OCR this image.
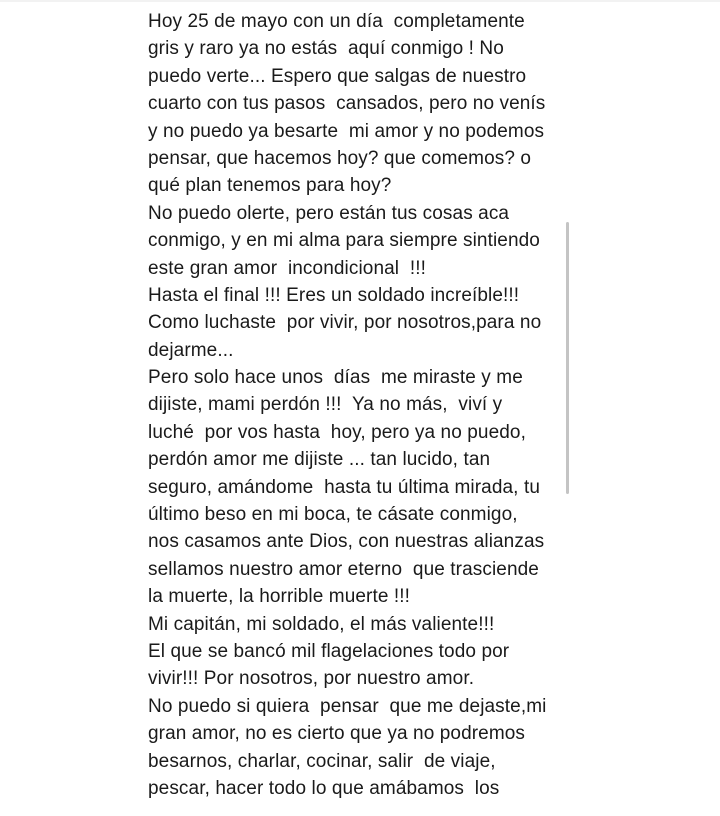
Hoy 25 de mayo con un día  completamente
gris y raro ya no estás  aquí conmigo ! No
puedo verte... Espero que salgas de nuestro
cuarto con tus pasos  cansados, pero no venís
y no puedo ya besarte  mi amor y no podemos
pensar, que hacemos hoy? que comemos? o
qué plan tenemos para hoy?
No puedo olerte, pero están tus cosas aca
conmigo, y en mi alma para siempre sintiendo
este gran amor  incondicional  !!!
Hasta el final !!! Eres un soldado increíble!!!
Como luchaste  por vivir, por nosotros,para no
dejarme...
Pero solo hace unos  días  me miraste y me
dijiste, mami perdón !!!  Ya no más,  viví y
luché  por vos hasta  hoy, pero ya no puedo,
perdón amor me dijiste ... tan lucido, tan
seguro, amándome  hasta tu última mirada, tu
último beso en mi boca, te cásate conmigo,
nos casamos ante Dios, con nuestras alianzas
sellamos nuestro amor eterno  que trasciende
la muerte, la horrible muerte !!!
Mi capitán, mi soldado, el más valiente!!!
El que se bancó mil flagelaciones todo por
vivir!!! Por nosotros, por nuestro amor.
No puedo si quiera  pensar  que me dejaste,mi
gran amor, no es cierto que ya no podremos
besarnos, charlar, cocinar, salir  de viaje,
pescar, hacer todo lo que amábamos  los
